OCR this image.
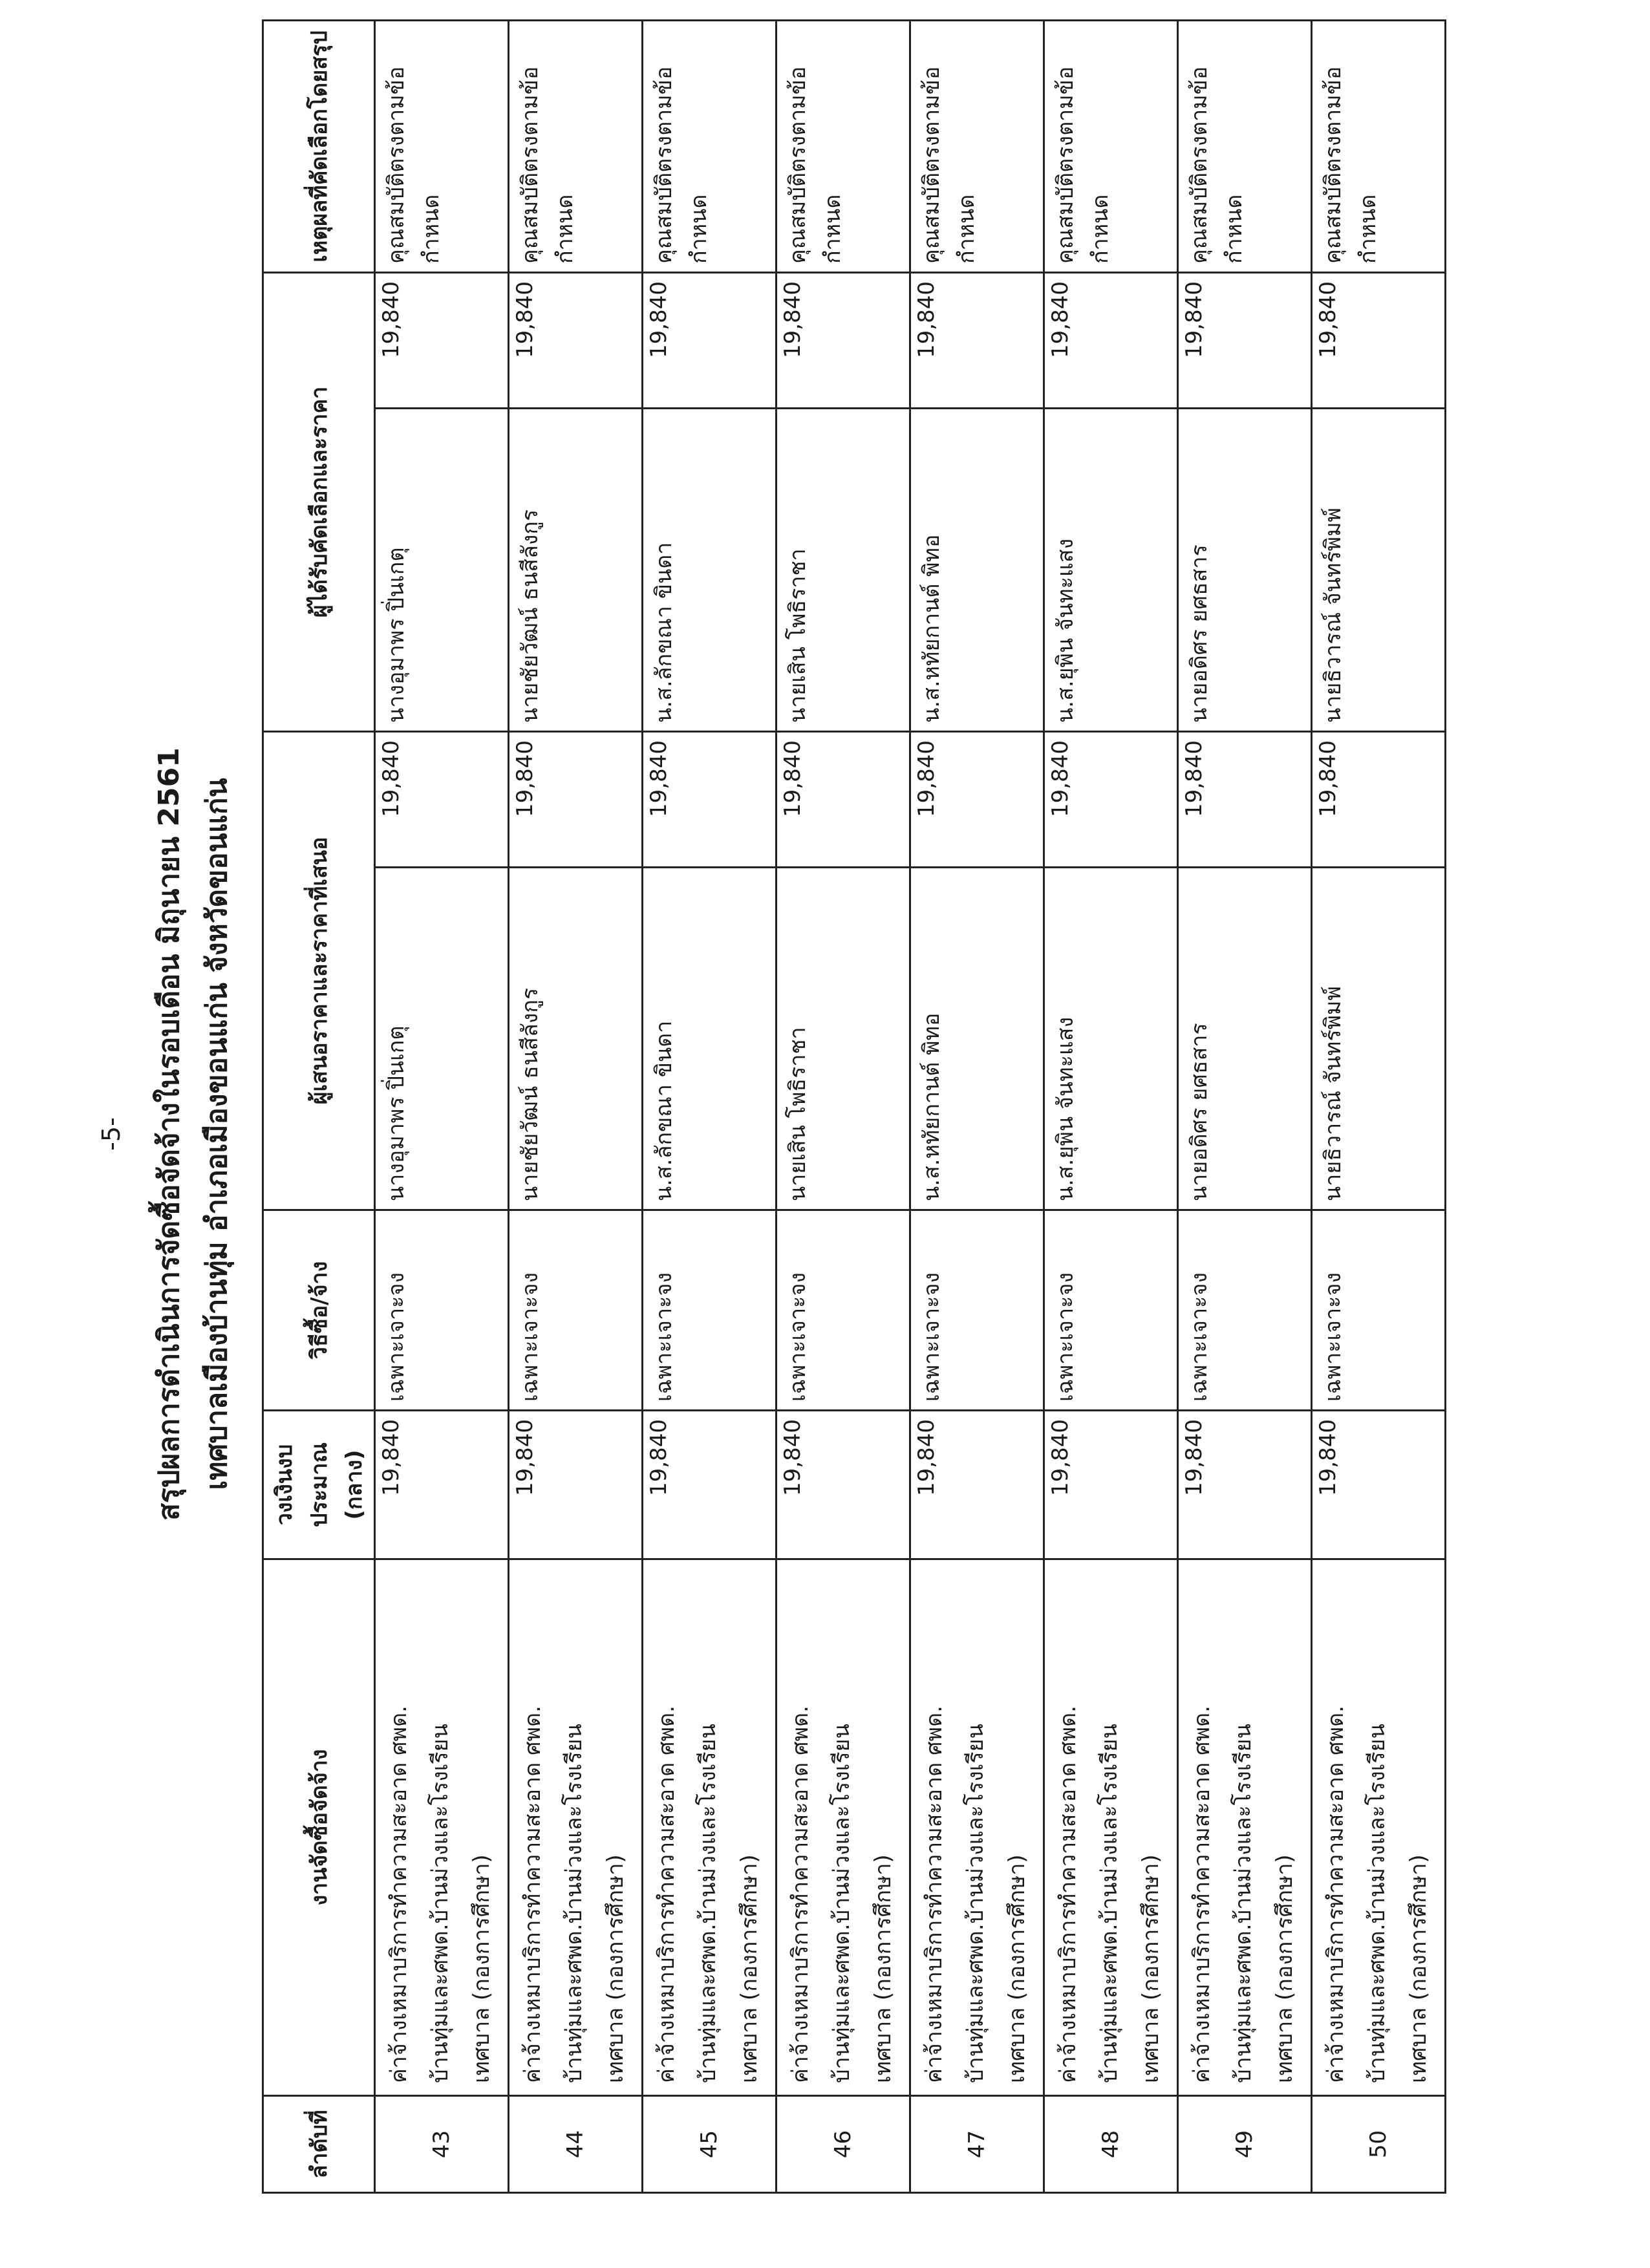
-5- สรุปผลการดำเนินการจัดซื้อจัดจ้างในรอบเดือน มิถุนายน 2561 เทศบาลเมืองบ้านทุ่ม อำเภอเมืองขอนแก่น จังหวัดขอนแก่น
ลำดับที่	งานจัดซื้อจัดจ้าง	วงเงินงบประมาณ (กลาง)	วิธีซื้อ/จ้าง	ผู้เสนอราคาและราคาที่เสนอ		ผู้ได้รับคัดเลือกและราคา		เหตุผลที่คัดเลือกโดยสรุป
43	ค่าจ้างเหมาบริการทำความสะอาด ศพด. บ้านทุ่มและศพด.บ้านม่วงและโรงเรียน เทศบาล (กองการศึกษา)	19,840	เฉพาะเจาะจง	นางอุมาพร ปิ่นเกตุ	19,840	นางอุมาพร ปิ่นเกตุ	19,840	คุณสมบัติตรงตามข้อกำหนด
44	ค่าจ้างเหมาบริการทำความสะอาด ศพด. บ้านทุ่มและศพด.บ้านม่วงและโรงเรียน เทศบาล (กองการศึกษา)	19,840	เฉพาะเจาะจง	นายชัยวัฒน์ ธนสีลังกูร	19,840	นายชัยวัฒน์ ธนสีลังกูร	19,840	คุณสมบัติตรงตามข้อกำหนด
45	ค่าจ้างเหมาบริการทำความสะอาด ศพด. บ้านทุ่มและศพด.บ้านม่วงและโรงเรียน เทศบาล (กองการศึกษา)	19,840	เฉพาะเจาะจง	น.ส.ลักขณา ขินดา	19,840	น.ส.ลักขณา ขินดา	19,840	คุณสมบัติตรงตามข้อกำหนด
46	ค่าจ้างเหมาบริการทำความสะอาด ศพด. บ้านทุ่มและศพด.บ้านม่วงและโรงเรียน เทศบาล (กองการศึกษา)	19,840	เฉพาะเจาะจง	นายเสิน โพธิราชา	19,840	นายเสิน โพธิราชา	19,840	คุณสมบัติตรงตามข้อกำหนด
47	ค่าจ้างเหมาบริการทำความสะอาด ศพด. บ้านทุ่มและศพด.บ้านม่วงและโรงเรียน เทศบาล (กองการศึกษา)	19,840	เฉพาะเจาะจง	น.ส.หทัยกานต์ พิทอ	19,840	น.ส.หทัยกานต์ พิทอ	19,840	คุณสมบัติตรงตามข้อกำหนด
48	ค่าจ้างเหมาบริการทำความสะอาด ศพด. บ้านทุ่มและศพด.บ้านม่วงและโรงเรียน เทศบาล (กองการศึกษา)	19,840	เฉพาะเจาะจง	น.ส.ยุพิน จันทะแสง	19,840	น.ส.ยุพิน จันทะแสง	19,840	คุณสมบัติตรงตามข้อกำหนด
49	ค่าจ้างเหมาบริการทำความสะอาด ศพด. บ้านทุ่มและศพด.บ้านม่วงและโรงเรียน เทศบาล (กองการศึกษา)	19,840	เฉพาะเจาะจง	นายอดิศร ยศธสาร	19,840	นายอดิศร ยศธสาร	19,840	คุณสมบัติตรงตามข้อกำหนด
50	ค่าจ้างเหมาบริการทำความสะอาด ศพด. บ้านทุ่มและศพด.บ้านม่วงและโรงเรียน เทศบาล (กองการศึกษา)	19,840	เฉพาะเจาะจง	นายธิวารณ์ จันทร์พิมพ์	19,840	นายธิวารณ์ จันทร์พิมพ์	19,840	คุณสมบัติตรงตามข้อกำหนด
